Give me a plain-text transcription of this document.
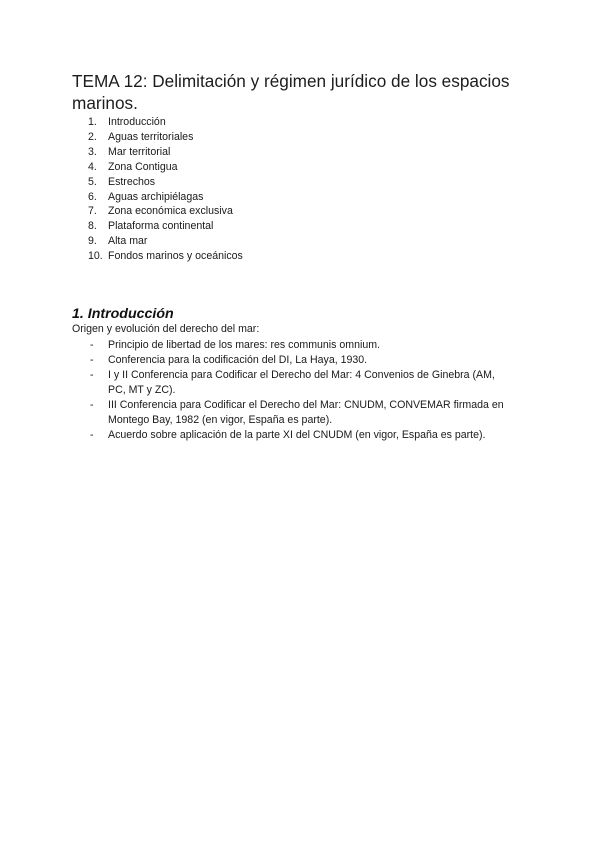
TEMA 12: Delimitación y régimen jurídico de los espacios marinos.
1.	Introducción
2.	Aguas territoriales
3.	Mar territorial
4.	Zona Contigua
5.	Estrechos
6.	Aguas archipiélagas
7.	Zona económica exclusiva
8.	Plataforma continental
9.	Alta mar
10. Fondos marinos y oceánicos
1. Introducción

Origen y evolución del derecho del mar:

- Principio de libertad de los mares: res communis omnium.
- Conferencia para la codificación del DI, La Haya, 1930.
- I y II Conferencia para Codificar el Derecho del Mar: 4 Convenios de Ginebra (AM, PC, MT y ZC).
- III Conferencia para Codificar el Derecho del Mar: CNUDM, CONVEMAR firmada en Montego Bay, 1982 (en vigor, España es parte).
- Acuerdo sobre aplicación de la parte XI del CNUDM (en vigor, España es parte).
